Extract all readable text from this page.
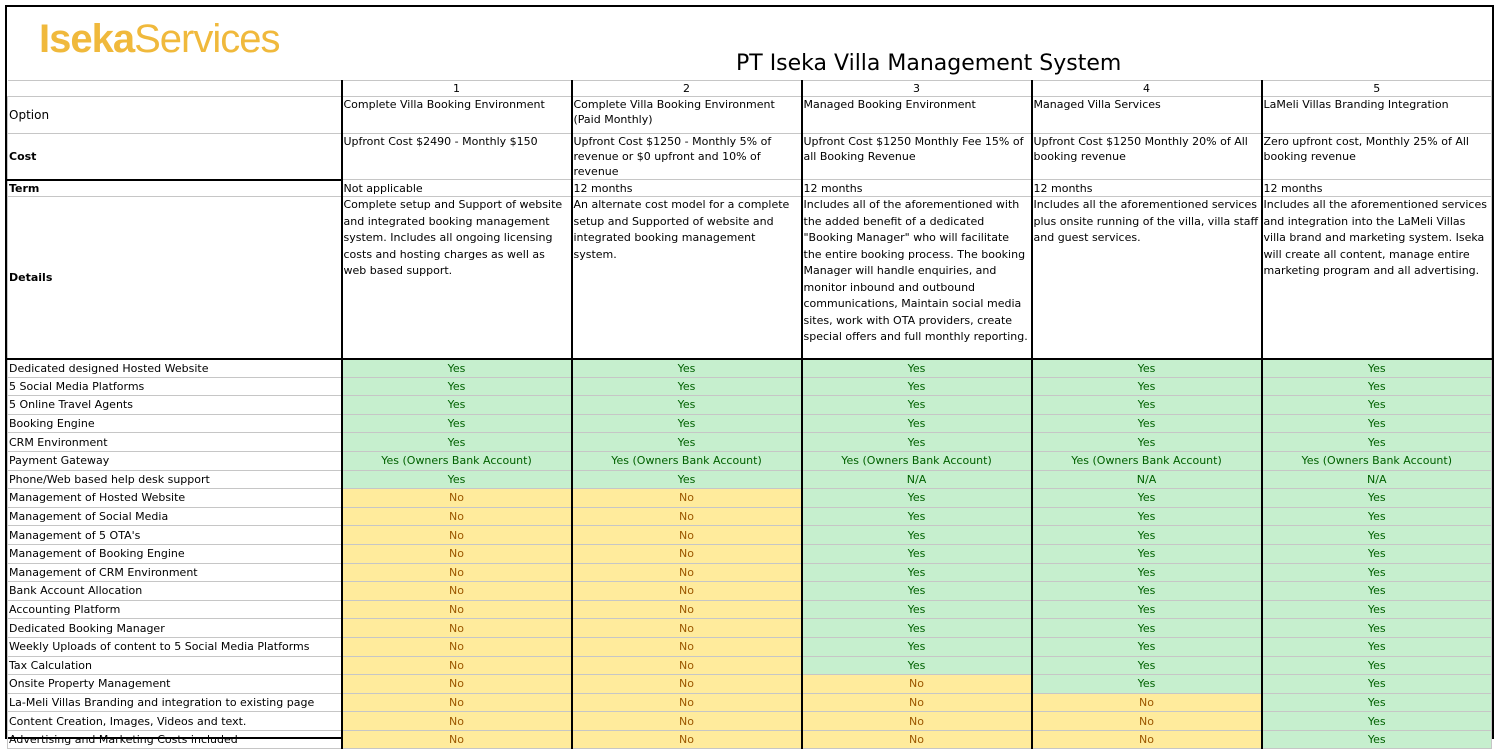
IsekaServices
PT Iseka Villa Management System
	1	2	3	4	5
Option	Complete Villa Booking Environment	Complete Villa Booking Environment (Paid Monthly)	Managed Booking Environment	Managed Villa Services	LaMeli Villas Branding Integration
Cost	Upfront Cost $2490 - Monthly $150	Upfront Cost $1250 - Monthly 5% of revenue or $0 upfront and 10% of revenue	Upfront Cost $1250 Monthly Fee 15% of all Booking Revenue	Upfront Cost $1250 Monthly 20% of All booking revenue	Zero upfront cost, Monthly 25% of All booking revenue
Term	Not applicable	12 months	12 months	12 months	12 months
Details	Complete setup and Support of website and integrated booking management system. Includes all ongoing licensing costs and hosting charges as well as web based support.	An alternate cost model for a complete setup and Supported of website and integrated booking management system.	Includes all of the aforementioned with the added benefit of a dedicated "Booking Manager" who will facilitate the entire booking process. The booking Manager will handle enquiries, and monitor inbound and outbound communications, Maintain social media sites, work with OTA providers, create special offers and full monthly reporting.	Includes all the aforementioned services plus onsite running of the villa, villa staff and guest services.	Includes all the aforementioned services and integration into the LaMeli Villas villa brand and marketing system. Iseka will create all content, manage entire marketing program and all advertising.
Dedicated designed Hosted Website	Yes	Yes	Yes	Yes	Yes
5 Social Media Platforms	Yes	Yes	Yes	Yes	Yes
5 Online Travel Agents	Yes	Yes	Yes	Yes	Yes
Booking Engine	Yes	Yes	Yes	Yes	Yes
CRM Environment	Yes	Yes	Yes	Yes	Yes
Payment Gateway	Yes (Owners Bank Account)	Yes (Owners Bank Account)	Yes (Owners Bank Account)	Yes (Owners Bank Account)	Yes (Owners Bank Account)
Phone/Web based help desk support	Yes	Yes	N/A	N/A	N/A
Management of Hosted Website	No	No	Yes	Yes	Yes
Management of Social Media	No	No	Yes	Yes	Yes
Management of 5 OTA's	No	No	Yes	Yes	Yes
Management of Booking Engine	No	No	Yes	Yes	Yes
Management of CRM Environment	No	No	Yes	Yes	Yes
Bank Account Allocation	No	No	Yes	Yes	Yes
Accounting Platform	No	No	Yes	Yes	Yes
Dedicated Booking Manager	No	No	Yes	Yes	Yes
Weekly Uploads of content to 5 Social Media Platforms	No	No	Yes	Yes	Yes
Tax Calculation	No	No	Yes	Yes	Yes
Onsite Property Management	No	No	No	Yes	Yes
La-Meli Villas Branding and integration to existing page	No	No	No	No	Yes
Content Creation, Images, Videos and text.	No	No	No	No	Yes
Advertising and Marketing Costs included	No	No	No	No	Yes
